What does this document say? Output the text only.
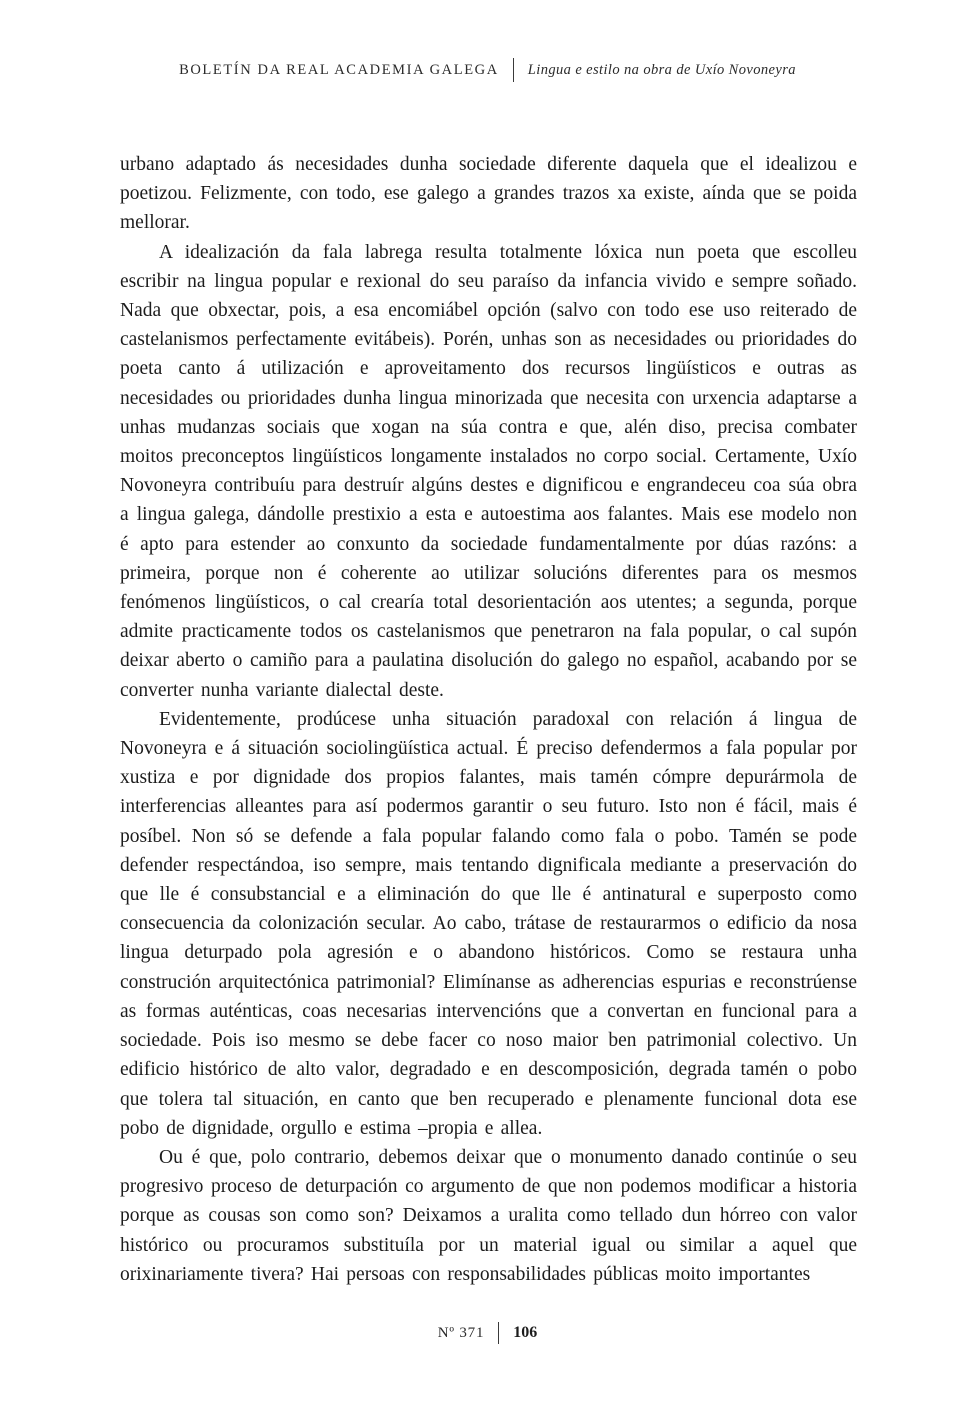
BOLETÍN DA REAL ACADEMIA GALEGA	Lingua e estilo na obra de Uxío Novoneyra

urbano adaptado ás necesidades dunha sociedade diferente daquela que el idealizou e poetizou. Felizmente, con todo, ese galego a grandes trazos xa existe, aínda que se poida mellorar.

A idealización da fala labrega resulta totalmente lóxica nun poeta que escolleu escribir na lingua popular e rexional do seu paraíso da infancia vivido e sempre soñado. Nada que obxectar, pois, a esa encomiábel opción (salvo con todo ese uso reiterado de castelanismos perfectamente evitábeis). Porén, unhas son as necesidades ou prioridades do poeta canto á utilización e aproveitamento dos recursos lingüísticos e outras as necesidades ou prioridades dunha lingua minorizada que necesita con urxencia adaptarse a unhas mudanzas sociais que xogan na súa contra e que, alén diso, precisa combater moitos preconceptos lingüísticos longamente instalados no corpo social. Certamente, Uxío Novoneyra contribuíu para destruír algúns destes e dignificou e engrandeceu coa súa obra a lingua galega, dándolle prestixio a esta e autoestima aos falantes. Mais ese modelo non é apto para estender ao conxunto da sociedade fundamentalmente por dúas razóns: a primeira, porque non é coherente ao utilizar solucións diferentes para os mesmos fenómenos lingüísticos, o cal crearía total desorientación aos utentes; a segunda, porque admite practicamente todos os castelanismos que penetraron na fala popular, o cal supón deixar aberto o camiño para a paulatina disolución do galego no español, acabando por se converter nunha variante dialectal deste.

Evidentemente, prodúcese unha situación paradoxal con relación á lingua de Novoneyra e á situación sociolingüística actual. É preciso defendermos a fala popular por xustiza e por dignidade dos propios falantes, mais tamén cómpre depurármola de interferencias alleantes para así podermos garantir o seu futuro. Isto non é fácil, mais é posíbel. Non só se defende a fala popular falando como fala o pobo. Tamén se pode defender respectándoa, iso sempre, mais tentando dignificala mediante a preservación do que lle é consubstancial e a eliminación do que lle é antinatural e superposto como consecuencia da colonización secular. Ao cabo, trátase de restaurarmos o edificio da nosa lingua deturpado pola agresión e o abandono históricos. Como se restaura unha construción arquitectónica patrimonial? Elimínanse as adherencias espurias e reconstrúense as formas auténticas, coas necesarias intervencións que a convertan en funcional para a sociedade. Pois iso mesmo se debe facer co noso maior ben patrimonial colectivo. Un edificio histórico de alto valor, degradado e en descomposición, degrada tamén o pobo que tolera tal situación, en canto que ben recuperado e plenamente funcional dota ese pobo de dignidade, orgullo e estima –propia e allea.

Ou é que, polo contrario, debemos deixar que o monumento danado continúe o seu progresivo proceso de deturpación co argumento de que non podemos modificar a historia porque as cousas son como son? Deixamos a uralita como tellado dun hórreo con valor histórico ou procuramos substituíla por un material igual ou similar a aquel que orixinariamente tivera? Hai persoas con responsabilidades públicas moito importantes

Nº 371	106
